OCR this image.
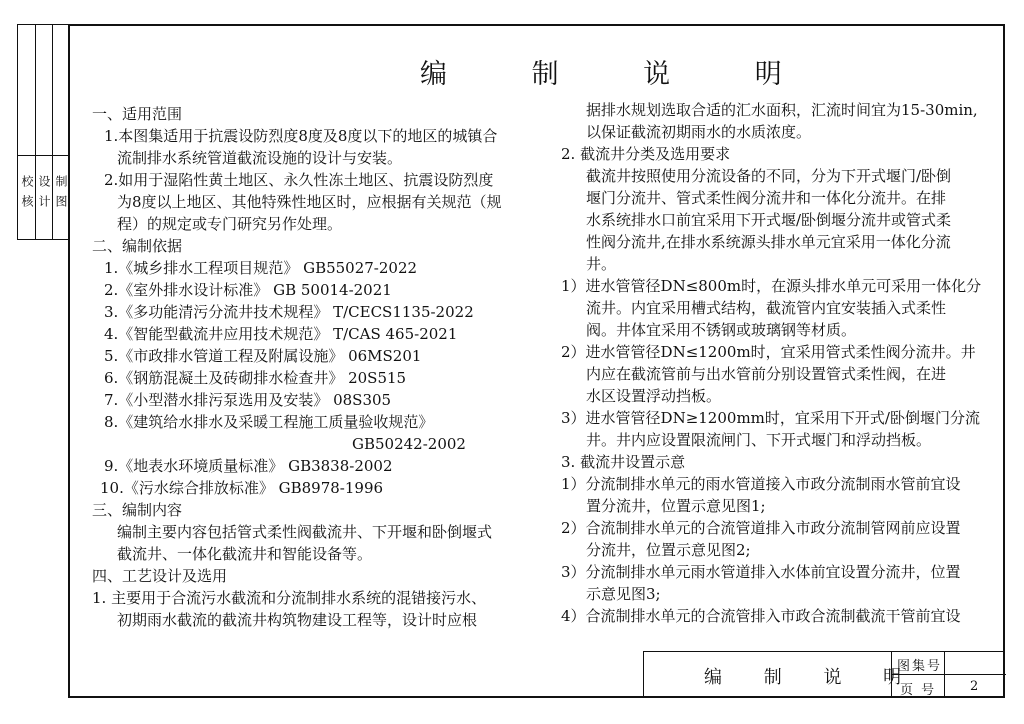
校 核 设 计 制 图
编 制 说 明
一、适用范围
1.本图集适用于抗震设防烈度8度及8度以下的地区的城镇合
流制排水系统管道截流设施的设计与安装。
2.如用于湿陷性黄土地区、永久性冻土地区、抗震设防烈度
为8度以上地区、其他特殊性地区时，应根据有关规范（规
程）的规定或专门研究另作处理。
二、编制依据
1.《城乡排水工程项目规范》 GB55027-2022
2.《室外排水设计标准》 GB 50014-2021
3.《多功能清污分流井技术规程》 T/CECS1135-2022
4.《智能型截流井应用技术规范》 T/CAS 465-2021
5.《市政排水管道工程及附属设施》 06MS201
6.《钢筋混凝土及砖砌排水检查井》 20S515
7.《小型潜水排污泵选用及安装》 08S305
8.《建筑给水排水及采暖工程施工质量验收规范》
GB50242-2002
9.《地表水环境质量标准》 GB3838-2002
10.《污水综合排放标准》 GB8978-1996
三、编制内容
编制主要内容包括管式柔性阀截流井、下开堰和卧倒堰式
截流井、一体化截流井和智能设备等。
四、工艺设计及选用
1. 主要用于合流污水截流和分流制排水系统的混错接污水、
初期雨水截流的截流井构筑物建设工程等，设计时应根
据排水规划选取合适的汇水面积，汇流时间宜为15-30min,
以保证截流初期雨水的水质浓度。
2. 截流井分类及选用要求
截流井按照使用分流设备的不同，分为下开式堰门/卧倒
堰门分流井、管式柔性阀分流井和一体化分流井。在排
水系统排水口前宜采用下开式堰/卧倒堰分流井或管式柔
性阀分流井,在排水系统源头排水单元宜采用一体化分流
井。
1）进水管管径DN≤800m时，在源头排水单元可采用一体化分
流井。内宜采用槽式结构，截流管内宜安装插入式柔性
阀。井体宜采用不锈钢或玻璃钢等材质。
2）进水管管径DN≤1200m时，宜采用管式柔性阀分流井。井
内应在截流管前与出水管前分别设置管式柔性阀，在进
水区设置浮动挡板。
3）进水管管径DN≥1200mm时，宜采用下开式/卧倒堰门分流
井。井内应设置限流闸门、下开式堰门和浮动挡板。
3. 截流井设置示意
1）分流制排水单元的雨水管道接入市政分流制雨水管前宜设
置分流井，位置示意见图1;
2）合流制排水单元的合流管道排入市政分流制管网前应设置
分流井，位置示意见图2;
3）分流制排水单元雨水管道排入水体前宜设置分流井，位置
示意见图3;
4）合流制排水单元的合流管排入市政合流制截流干管前宜设
编 制 说 明
图集号
页 号	2
